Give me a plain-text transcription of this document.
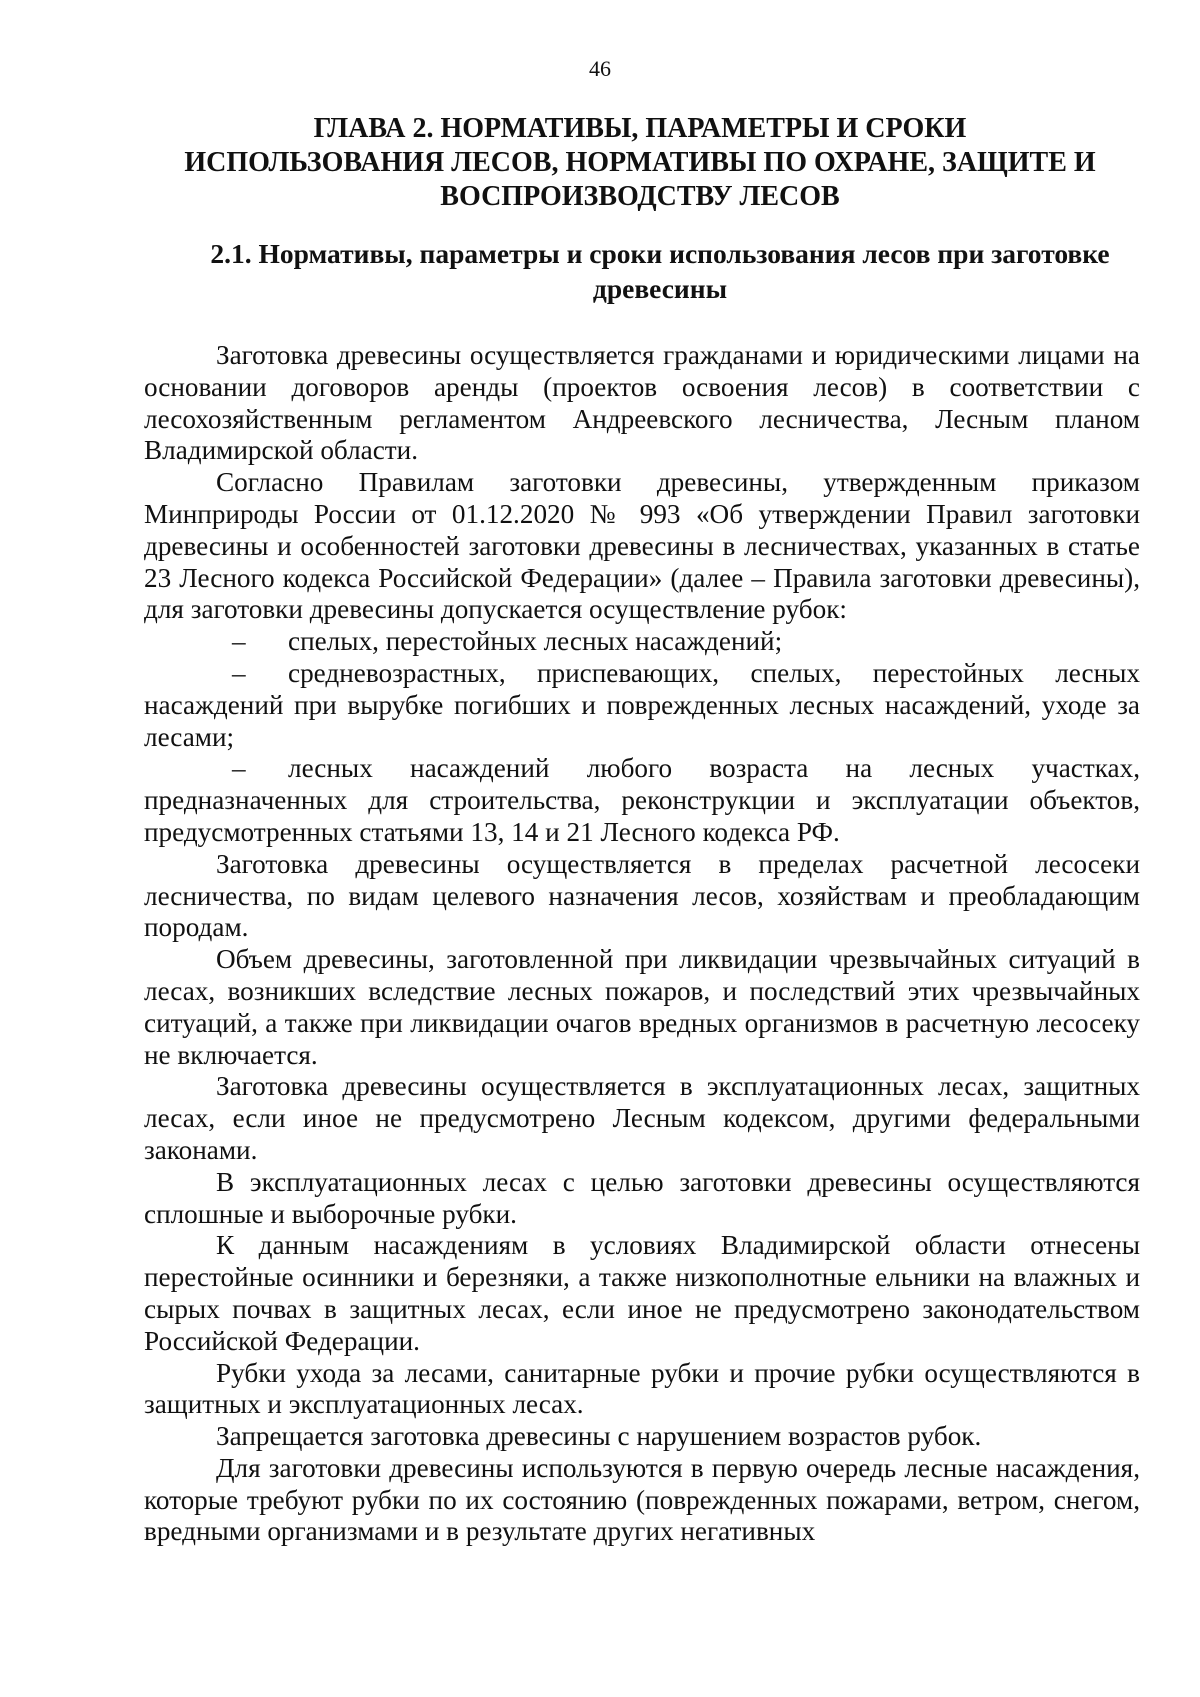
46
ГЛАВА 2. НОРМАТИВЫ, ПАРАМЕТРЫ И СРОКИ
ИСПОЛЬЗОВАНИЯ ЛЕСОВ, НОРМАТИВЫ ПО ОХРАНЕ, ЗАЩИТЕ И
ВОСПРОИЗВОДСТВУ ЛЕСОВ
2.1. Нормативы, параметры и сроки использования лесов при заготовке
древесины

Заготовка древесины осуществляется гражданами и юридическими лицами на основании договоров аренды (проектов освоения лесов) в соответствии с лесохозяйственным регламентом Андреевского лесничества, Лесным планом Владимирской области.

Согласно Правилам заготовки древесины, утвержденным приказом Минприроды России от 01.12.2020 № 993 «Об утверждении Правил заготовки древесины и особенностей заготовки древесины в лесничествах, указанных в статье 23 Лесного кодекса Российской Федерации» (далее – Правила заготовки древесины), для заготовки древесины допускается осуществление рубок:

– спелых, перестойных лесных насаждений;

– средневозрастных, приспевающих, спелых, перестойных лесных насаждений при вырубке погибших и поврежденных лесных насаждений, уходе за лесами;

– лесных насаждений любого возраста на лесных участках, предназначенных для строительства, реконструкции и эксплуатации объектов, предусмотренных статьями 13, 14 и 21 Лесного кодекса РФ.

Заготовка древесины осуществляется в пределах расчетной лесосеки лесничества, по видам целевого назначения лесов, хозяйствам и преобладающим породам.

Объем древесины, заготовленной при ликвидации чрезвычайных ситуаций в лесах, возникших вследствие лесных пожаров, и последствий этих чрезвычайных ситуаций, а также при ликвидации очагов вредных организмов в расчетную лесосеку не включается.

Заготовка древесины осуществляется в эксплуатационных лесах, защитных лесах, если иное не предусмотрено Лесным кодексом, другими федеральными законами.

В эксплуатационных лесах с целью заготовки древесины осуществляются сплошные и выборочные рубки.

К данным насаждениям в условиях Владимирской области отнесены перестойные осинники и березняки, а также низкополнотные ельники на влажных и сырых почвах в защитных лесах, если иное не предусмотрено законодательством Российской Федерации.

Рубки ухода за лесами, санитарные рубки и прочие рубки осуществляются в защитных и эксплуатационных лесах.

Запрещается заготовка древесины с нарушением возрастов рубок.

Для заготовки древесины используются в первую очередь лесные насаждения, которые требуют рубки по их состоянию (поврежденных пожарами, ветром, снегом, вредными организмами и в результате других негативных
